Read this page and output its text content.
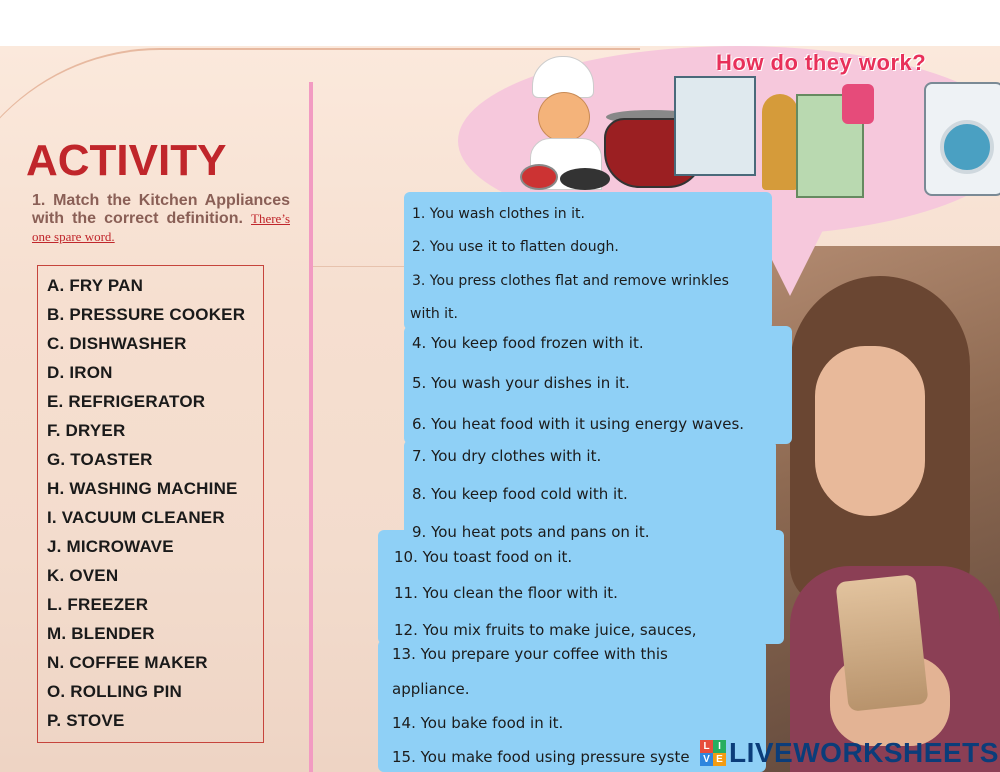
How do they work?
ACTIVITY
1. Match the Kitchen Appliances with the correct definition. There’s one spare word.
A. FRY PAN
B. PRESSURE COOKER
C. DISHWASHER
D. IRON
E. REFRIGERATOR
F. DRYER
G. TOASTER
H. WASHING MACHINE
I. VACUUM CLEANER
J. MICROWAVE
K. OVEN
L. FREEZER
M. BLENDER
N. COFFEE MAKER
O. ROLLING PIN
P. STOVE
1. You wash clothes in it.
2. You use it to flatten dough.
3. You press clothes flat and remove wrinkles
with it.
4. You keep food frozen with it.
5. You wash your dishes in it.
6. You heat food with it using energy waves.
7. You dry clothes with it.
8. You keep food cold with it.
9. You heat pots and pans on it.
10. You toast food on it.
11. You clean the floor with it.
12. You mix fruits to make juice, sauces,
13. You prepare your coffee with this
appliance.
14. You bake food in it.
15. You make food using pressure syste
L I
V E LIVEWORKSHEETS
